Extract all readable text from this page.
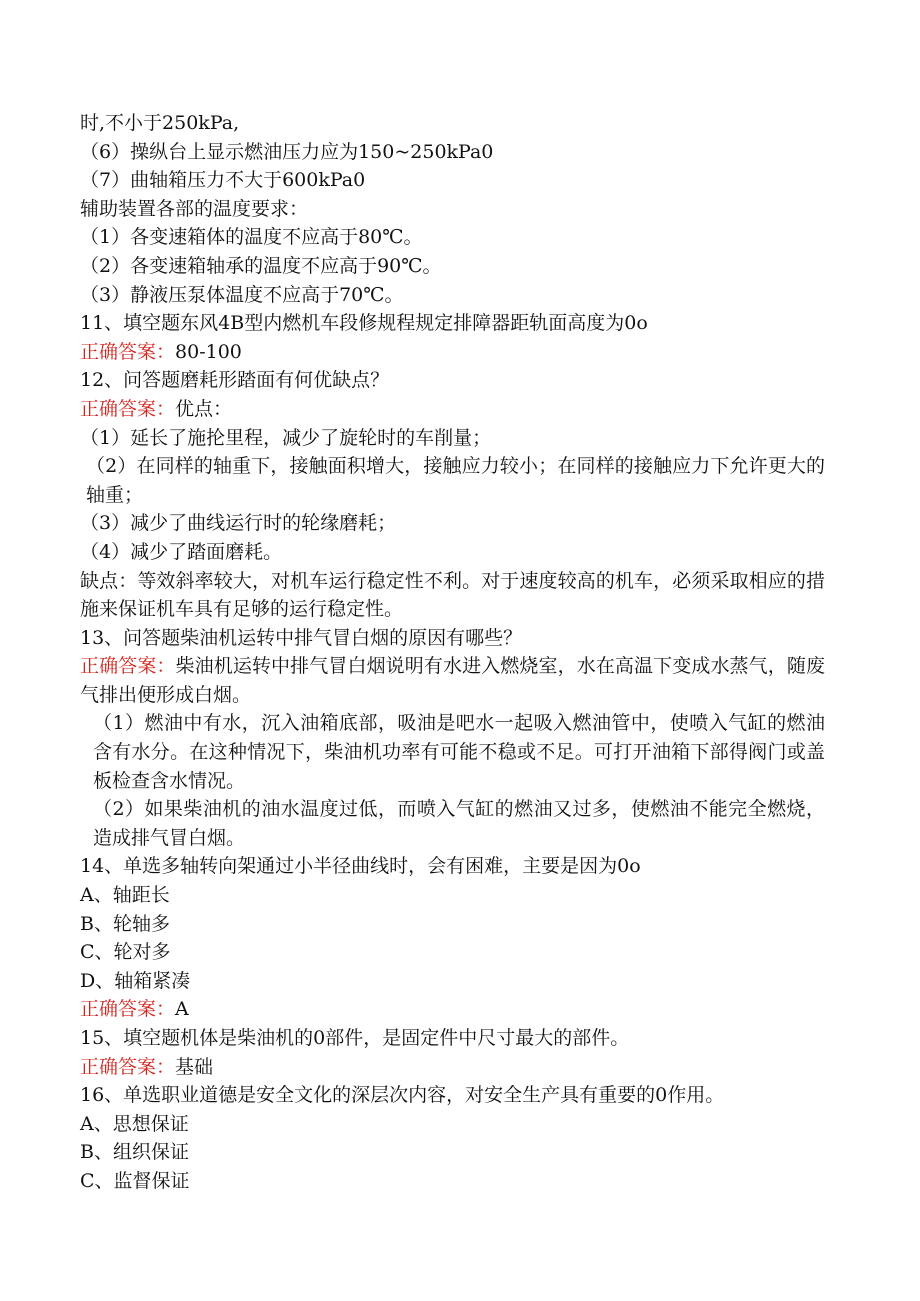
时,不小于250kPa,

（6）操纵台上显示燃油压力应为150~250kPa0

（7）曲轴箱压力不大于600kPa0

辅助装置各部的温度要求：

（1）各变速箱体的温度不应高于80℃。

（2）各变速箱轴承的温度不应高于90℃。

（3）静液压泵体温度不应高于70℃。

11、填空题东风4B型内燃机车段修规程规定排障器距轨面高度为0o

正确答案：80-100

12、问答题磨耗形踏面有何优缺点？

正确答案：优点：

（1）延长了施抡里程，减少了旋轮时的车削量；

（2）在同样的轴重下，接触面积增大，接触应力较小；在同样的接触应力下允许更大的轴重；

（3）减少了曲线运行时的轮缘磨耗；

（4）减少了踏面磨耗。

缺点：等效斜率较大，对机车运行稳定性不利。对于速度较高的机车，必须采取相应的措施来保证机车具有足够的运行稳定性。

13、问答题柴油机运转中排气冒白烟的原因有哪些？

正确答案：柴油机运转中排气冒白烟说明有水进入燃烧室，水在高温下变成水蒸气，随废气排出便形成白烟。

（1）燃油中有水，沉入油箱底部，吸油是吧水一起吸入燃油管中，使喷入气缸的燃油含有水分。在这种情况下，柴油机功率有可能不稳或不足。可打开油箱下部得阀门或盖板检查含水情况。

（2）如果柴油机的油水温度过低，而喷入气缸的燃油又过多，使燃油不能完全燃烧，造成排气冒白烟。

14、单选多轴转向架通过小半径曲线时，会有困难，主要是因为0o

A、轴距长

B、轮轴多

C、轮对多

D、轴箱紧凑

正确答案：A

15、填空题机体是柴油机的0部件，是固定件中尺寸最大的部件。

正确答案：基础

16、单选职业道德是安全文化的深层次内容，对安全生产具有重要的0作用。

A、思想保证

B、组织保证

C、监督保证
